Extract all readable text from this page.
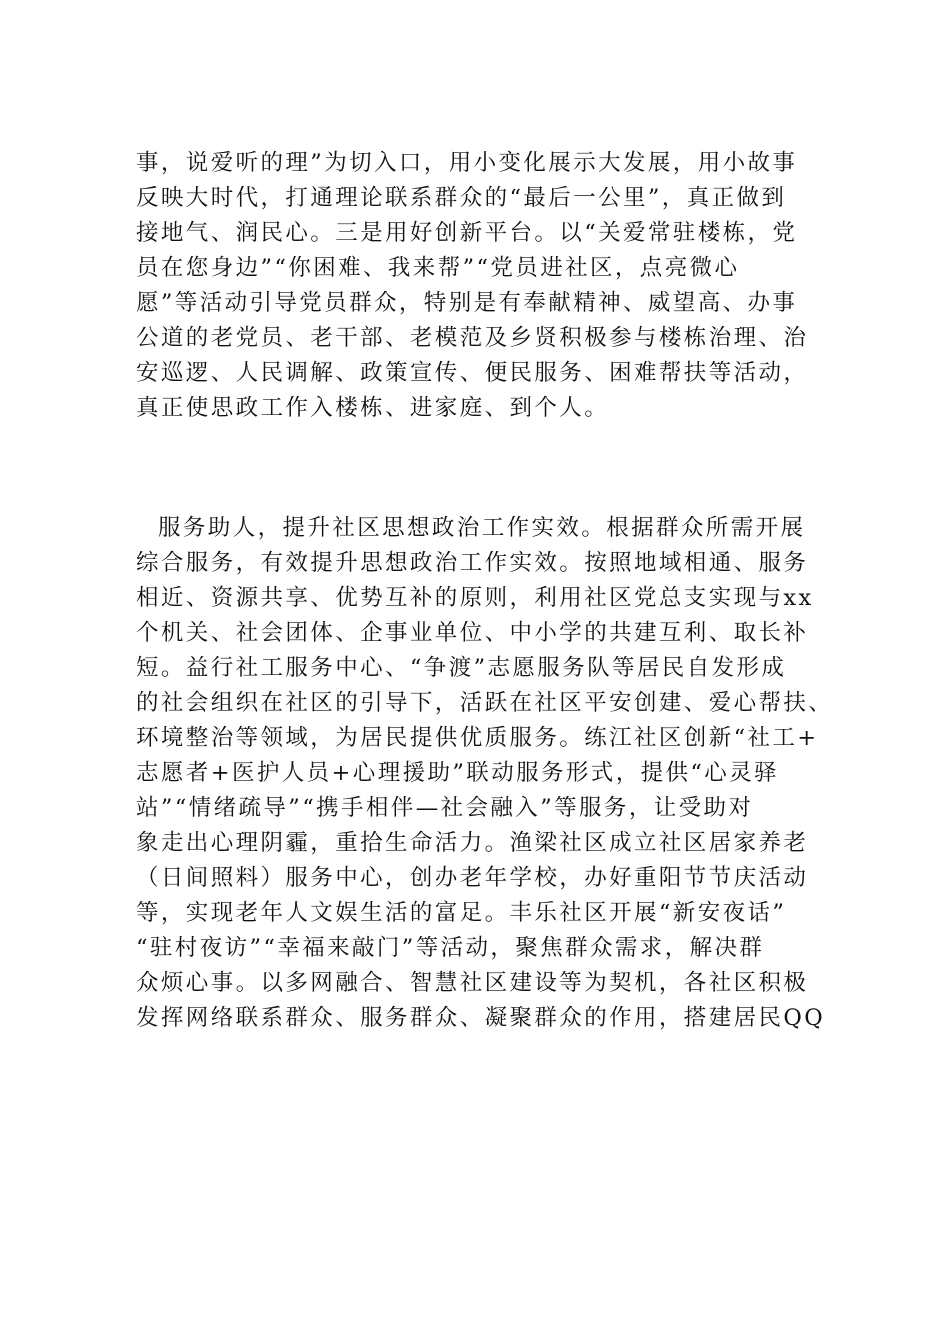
事，说爱听的理”为切入口，用小变化展示大发展，用小故事
反映大时代，打通理论联系群众的“最后一公里”，真正做到
接地气、润民心。三是用好创新平台。以“关爱常驻楼栋，党
员在您身边”“你困难、我来帮”“党员进社区，点亮微心
愿”等活动引导党员群众，特别是有奉献精神、威望高、办事
公道的老党员、老干部、老模范及乡贤积极参与楼栋治理、治
安巡逻、人民调解、政策宣传、便民服务、困难帮扶等活动，
真正使思政工作入楼栋、进家庭、到个人。
服务助人，提升社区思想政治工作实效。根据群众所需开展
综合服务，有效提升思想政治工作实效。按照地域相通、服务
相近、资源共享、优势互补的原则，利用社区党总支实现与xx
个机关、社会团体、企事业单位、中小学的共建互利、取长补
短。益行社工服务中心、“争渡”志愿服务队等居民自发形成
的社会组织在社区的引导下，活跃在社区平安创建、爱心帮扶、
环境整治等领域，为居民提供优质服务。练江社区创新“社工+
志愿者+医护人员+心理援助”联动服务形式，提供“心灵驿
站”“情绪疏导”“携手相伴—社会融入”等服务，让受助对
象走出心理阴霾，重拾生命活力。渔梁社区成立社区居家养老
（日间照料）服务中心，创办老年学校，办好重阳节节庆活动
等，实现老年人文娱生活的富足。丰乐社区开展“新安夜话”
“驻村夜访”“幸福来敲门”等活动，聚焦群众需求，解决群
众烦心事。以多网融合、智慧社区建设等为契机，各社区积极
发挥网络联系群众、服务群众、凝聚群众的作用，搭建居民QQ
